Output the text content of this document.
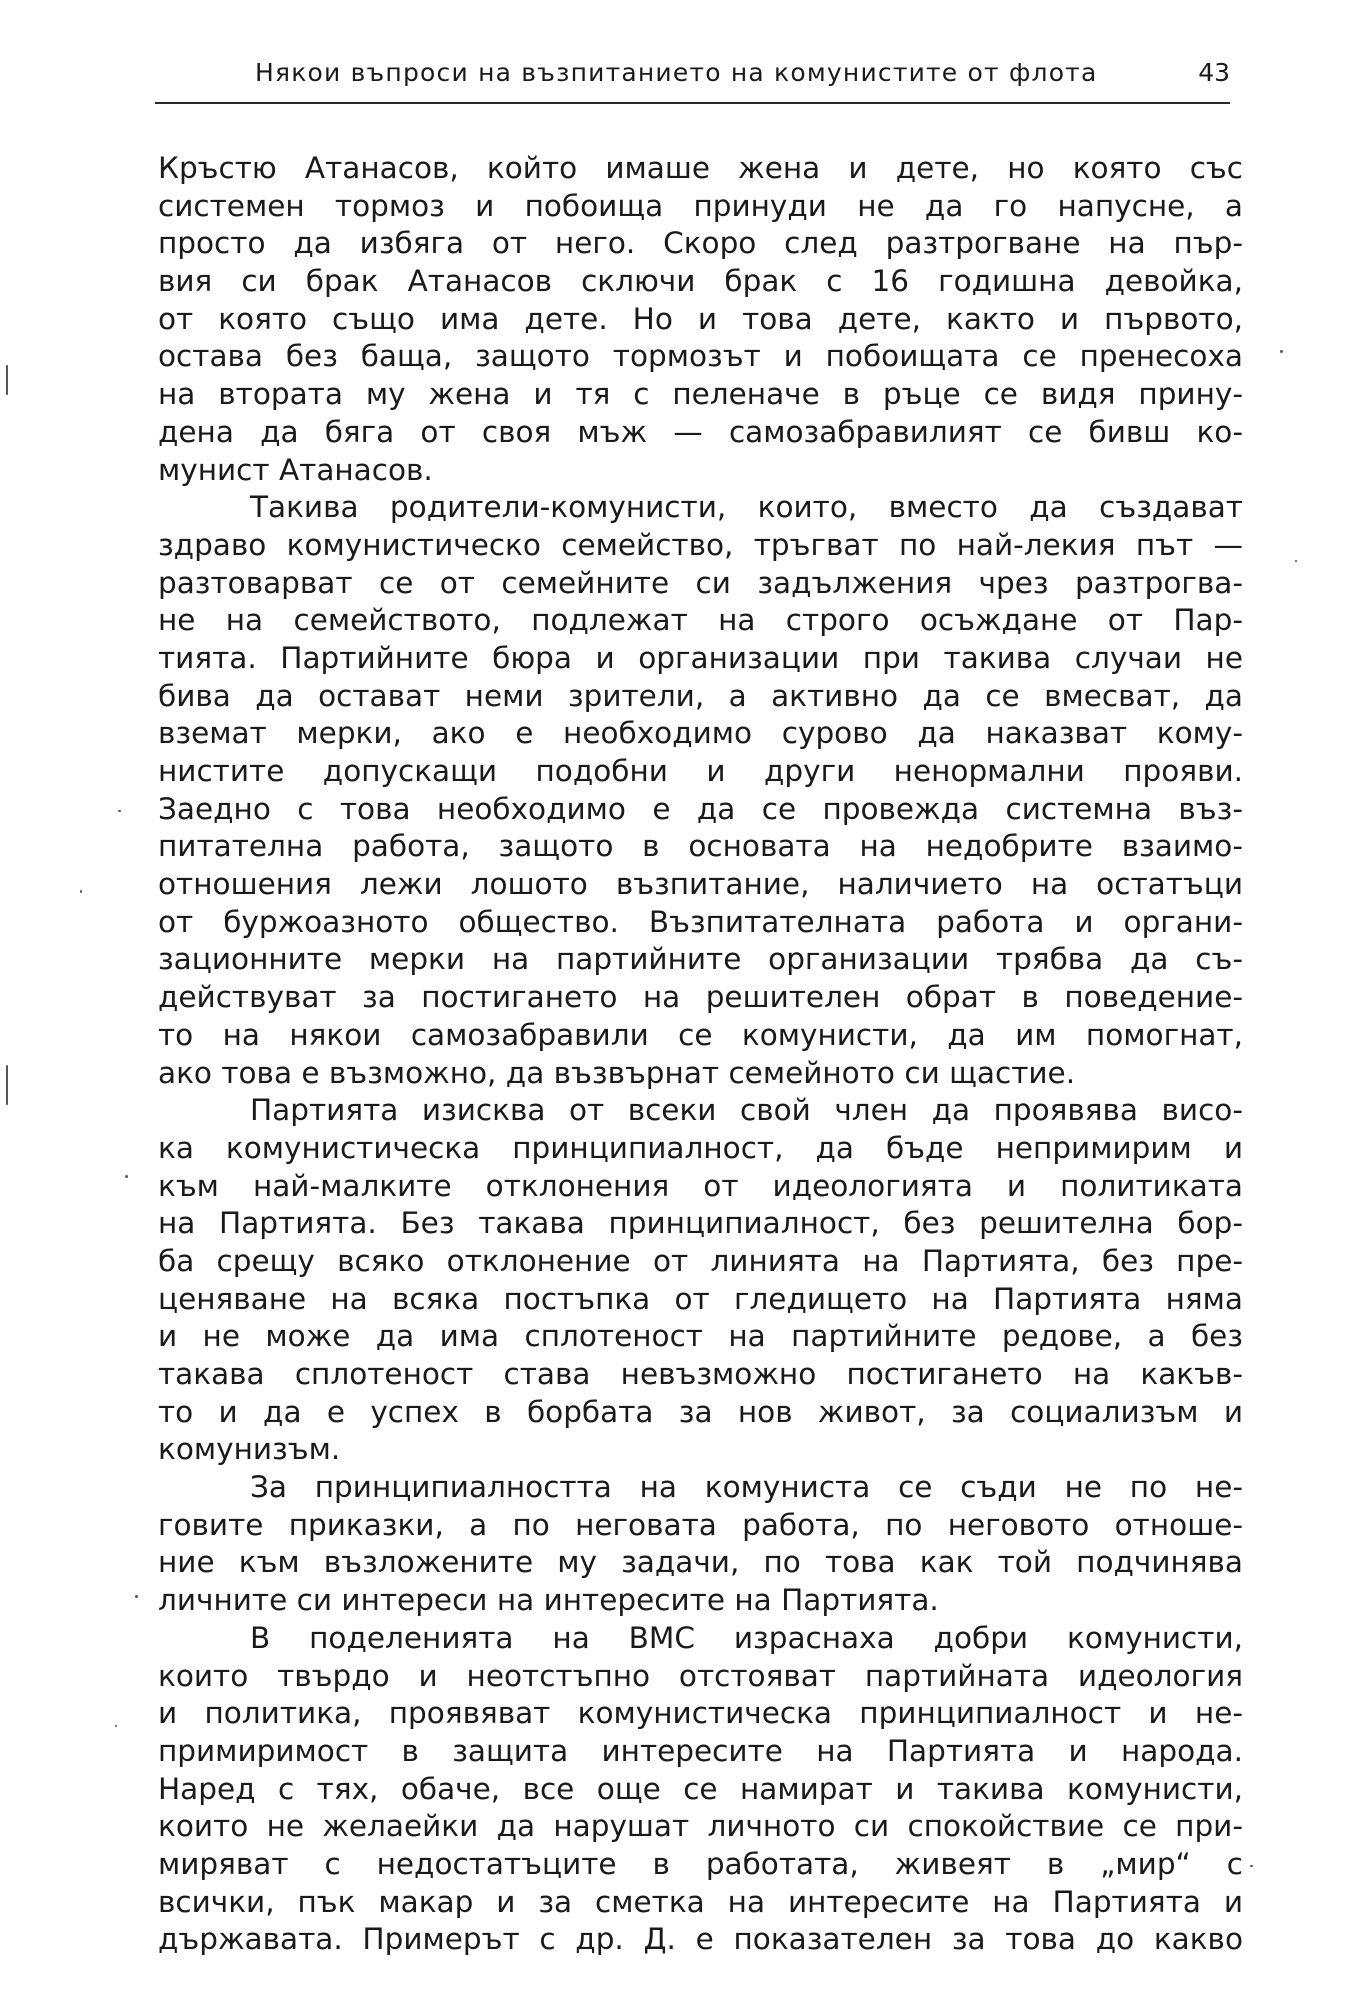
Някои въпроси на възпитанието на комунистите от флота	43
Кръстю Атанасов, който имаше жена и дете, но която със
системен тормоз и побоища принуди не да го напусне, а
просто да избяга от него. Скоро след разтрогване на пър-
вия си брак Атанасов сключи брак с 16 годишна девойка,
от която също има дете. Но и това дете, както и първото,
остава без баща, защото тормозът и побоищата се пренесоха
на втората му жена и тя с пеленаче в ръце се видя прину-
дена да бяга от своя мъж — самозабравилият се бивш ко-
мунист Атанасов.
Такива родители-комунисти, които, вместо да създават
здраво комунистическо семейство, тръгват по най-лекия път —
разтоварват се от семейните си задължения чрез разтрогва-
не на семейството, подлежат на строго осъждане от Пар-
тията. Партийните бюра и организации при такива случаи не
бива да остават неми зрители, а активно да се вмесват, да
вземат мерки, ако е необходимо сурово да наказват кому-
нистите допускащи подобни и други ненормални прояви.
Заедно с това необходимо е да се провежда системна въз-
питателна работа, защото в основата на недобрите взаимо-
отношения лежи лошото възпитание, наличието на остатъци
от буржоазното общество. Възпитателната работа и органи-
зационните мерки на партийните организации трябва да съ-
действуват за постигането на решителен обрат в поведение-
то на някои самозабравили се комунисти, да им помогнат,
ако това е възможно, да възвърнат семейното си щастие.
Партията изисква от всеки свой член да проявява висо-
ка комунистическа принципиалност, да бъде непримирим и
към най-малките отклонения от идеологията и политиката
на Партията. Без такава принципиалност, без решителна бор-
ба срещу всяко отклонение от линията на Партията, без пре-
ценяване на всяка постъпка от гледището на Партията няма
и не може да има сплотеност на партийните редове, а без
такава сплотеност става невъзможно постигането на какъв-
то и да е успех в борбата за нов живот, за социализъм и
комунизъм.
За принципиалността на комуниста се съди не по не-
говите приказки, а по неговата работа, по неговото отноше-
ние към възложените му задачи, по това как той подчинява
личните си интереси на интересите на Партията.
В поделенията на ВМС израснаха добри комунисти,
които твърдо и неотстъпно отстояват партийната идеология
и политика, проявяват комунистическа принципиалност и не-
примиримост в защита интересите на Партията и народа.
Наред с тях, обаче, все още се намират и такива комунисти,
които не желаейки да нарушат личното си спокойствие се при-
миряват с недостатъците в работата, живеят в „мир“ с
всички, пък макар и за сметка на интересите на Партията и
държавата. Примерът с др. Д. е показателен за това до какво
